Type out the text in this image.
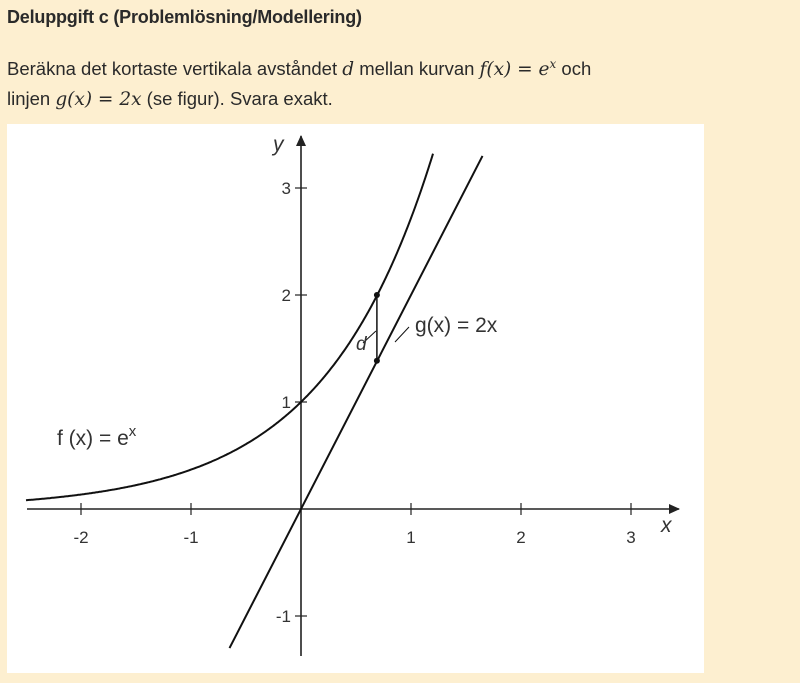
Deluppgift c (Problemlösning/Modellering)
Beräkna det kortaste vertikala avståndet d mellan kurvan $f(x) = e^x$ och
linjen g(x) = 2x (se figur). Svara exakt.
-2	-1	1	2	3
3
2
1
-1
x
y
f $(x) = e^x$
g(x) = 2x
d
